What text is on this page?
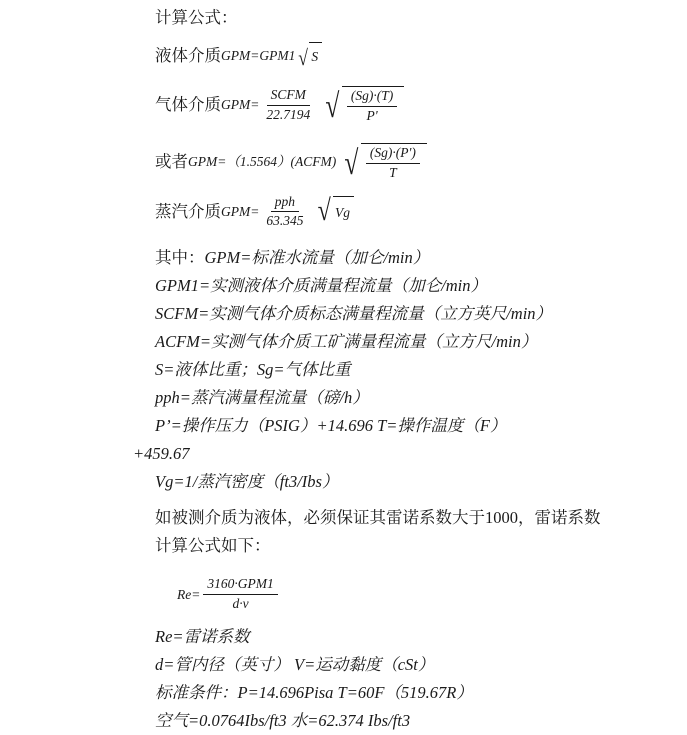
计算公式：
液体介质 GPM=GPM1 √ S
气体介质 $GPM= \frac{\text{SCFM}}{22.7194}$ √ $\frac{(Sg)\cdot(T)}{P'}$
或者 GPM= （1.5564）(ACFM) √ $\frac{(Sg)\cdot(P')}{T}$
蒸汽介质 $GPM= \frac{\text{pph}}{63.345}$ √ Vg
其中：GPM=标准水流量（加仑/min）
GPM1=实测液体介质满量程流量（加仑/min）
SCFM=实测气体介质标态满量程流量（立方英尺/min）
ACFM=实测气体介质工矿满量程流量（立方尺/min）
S=液体比重；Sg=气体比重
pph=蒸汽满量程流量（磅/h）
P’=操作压力（PSIG）+14.696 T=操作温度（F）
+459.67
Vg=1/蒸汽密度（ft3/Ibs）
如被测介质为液体，必须保证其雷诺系数大于1000，雷诺系数计算公式如下：
$Re= \frac{\text{3160·GPM1}}{d\cdot v}$
Re=雷诺系数
d=管内径（英寸） V=运动黏度（cSt）
标准条件：P=14.696Pisa T=60F（519.67R）
空气=0.0764Ibs/ft3 水=62.374 Ibs/ft3
